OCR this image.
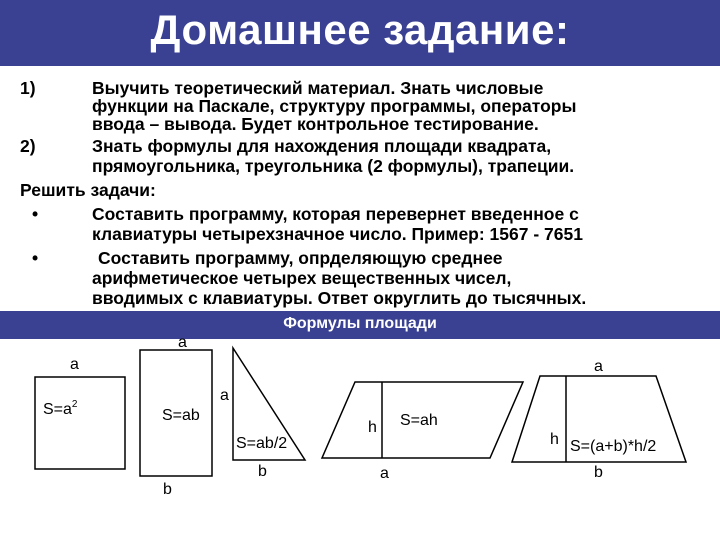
Домашнее задание:
1)	Выучить теоретический материал. Знать числовые
функции на Паскале, структуру программы, операторы
ввода – вывода. Будет контрольное тестирование.
2)	Знать формулы для нахождения площади квадрата,
прямоугольника, треугольника (2 формулы), трапеции.
Решить задачи:
•	Составить программу, которая перевернет введенное с
клавиатуры четырехзначное число. Пример: 1567 - 7651
•	Составить программу, опрделяющую среднее
арифметическое четырех вещественных чисел,
вводимых с клавиатуры. Ответ округлить до тысячных.
Формулы площади
a
$S=a^2$
a
S=ab
b
a
S=ab/2
b
h S=ah
a
a
h S=(a+b)*h/2
b
